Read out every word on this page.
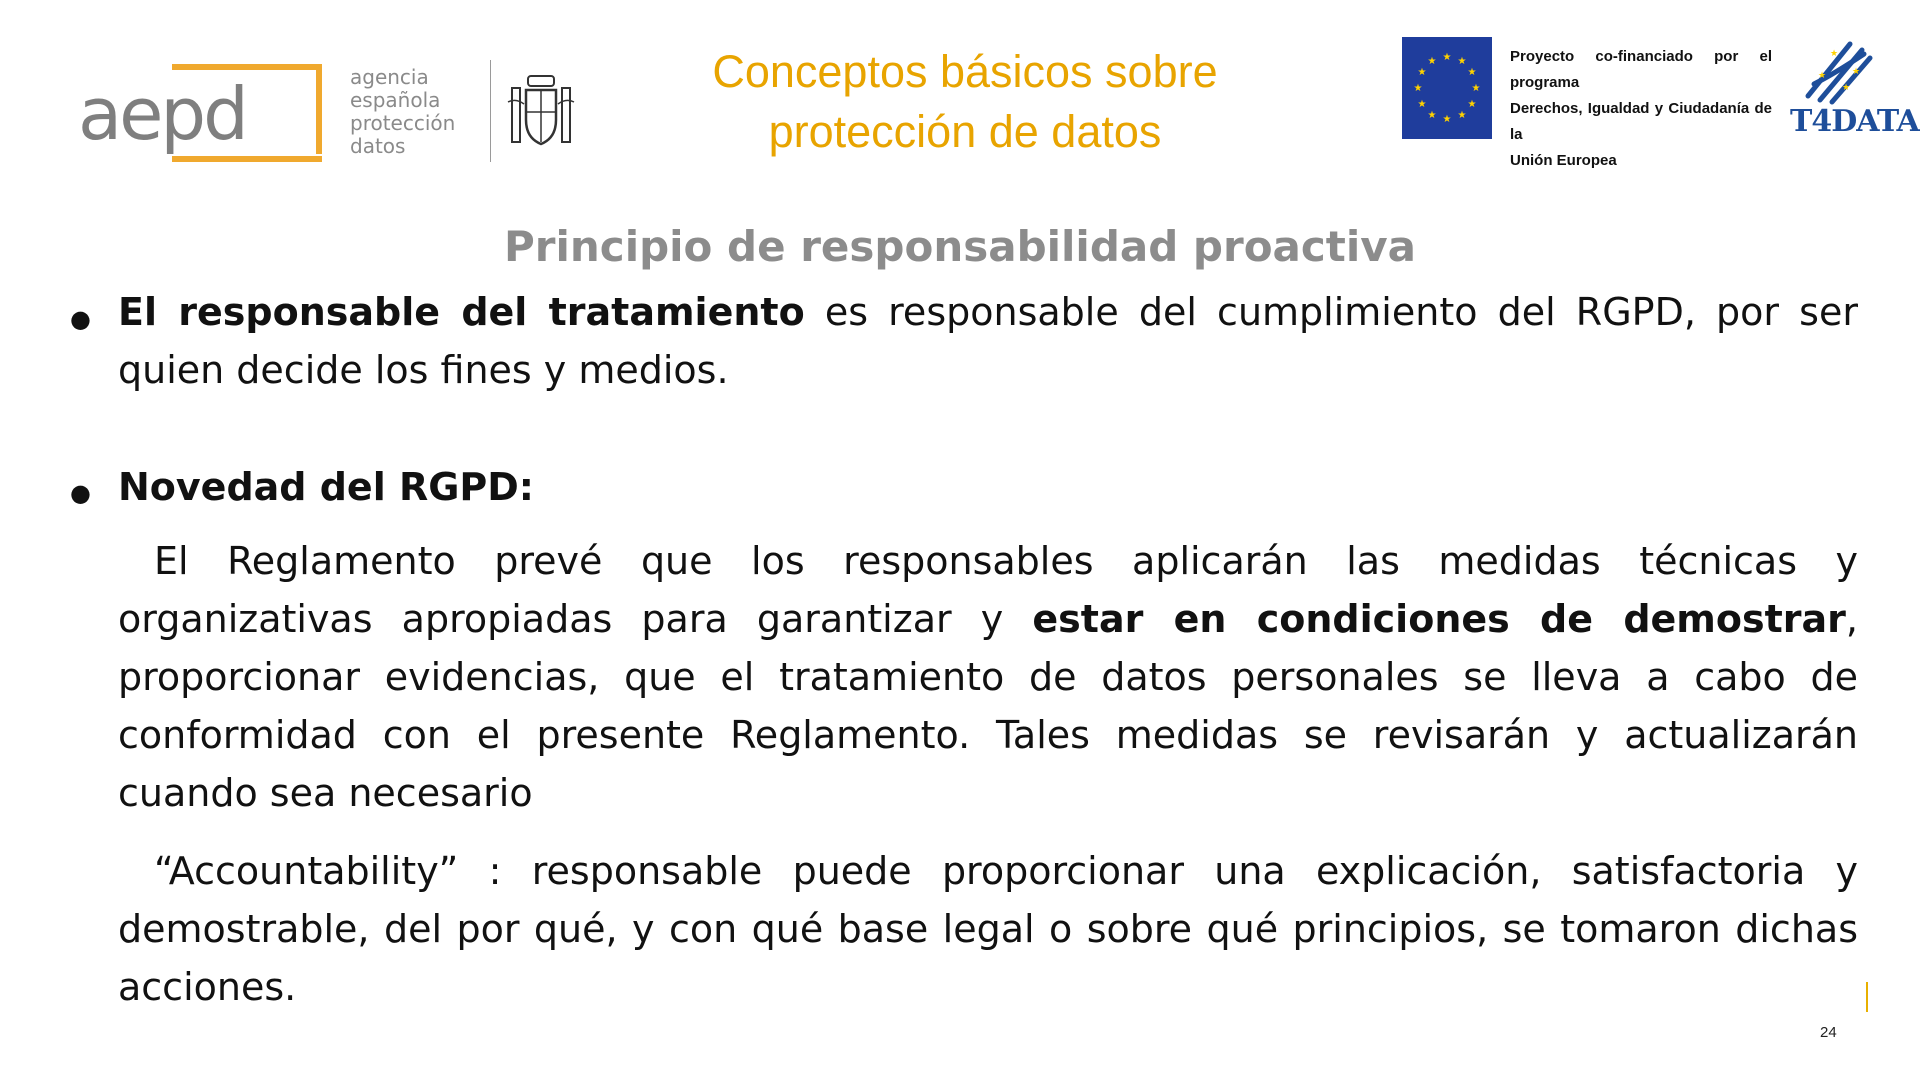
aepd	agencia
española
protección
datos
Conceptos básicos sobre protección de datos
★ ★
★
★
★
★
★
★
★
★
★
★	Proyecto co-financiado por el programa
Derechos, Igualdad y Ciudadanía de la
Unión Europea
★
★
★
★
T4DATA
Principio de responsabilidad proactiva
● El responsable del tratamiento es responsable del cumplimiento del RGPD, por ser quien decide los fines y medios.
● Novedad del RGPD:
El Reglamento prevé que los responsables aplicarán las medidas técnicas y organizativas apropiadas para garantizar y estar en condiciones de demostrar, proporcionar evidencias, que el tratamiento de datos personales se lleva a cabo de conformidad con el presente Reglamento. Tales medidas se revisarán y actualizarán cuando sea necesario
“Accountability” : responsable puede proporcionar una explicación, satisfactoria y demostrable, del por qué, y con qué base legal o sobre qué principios, se tomaron dichas acciones.
24
